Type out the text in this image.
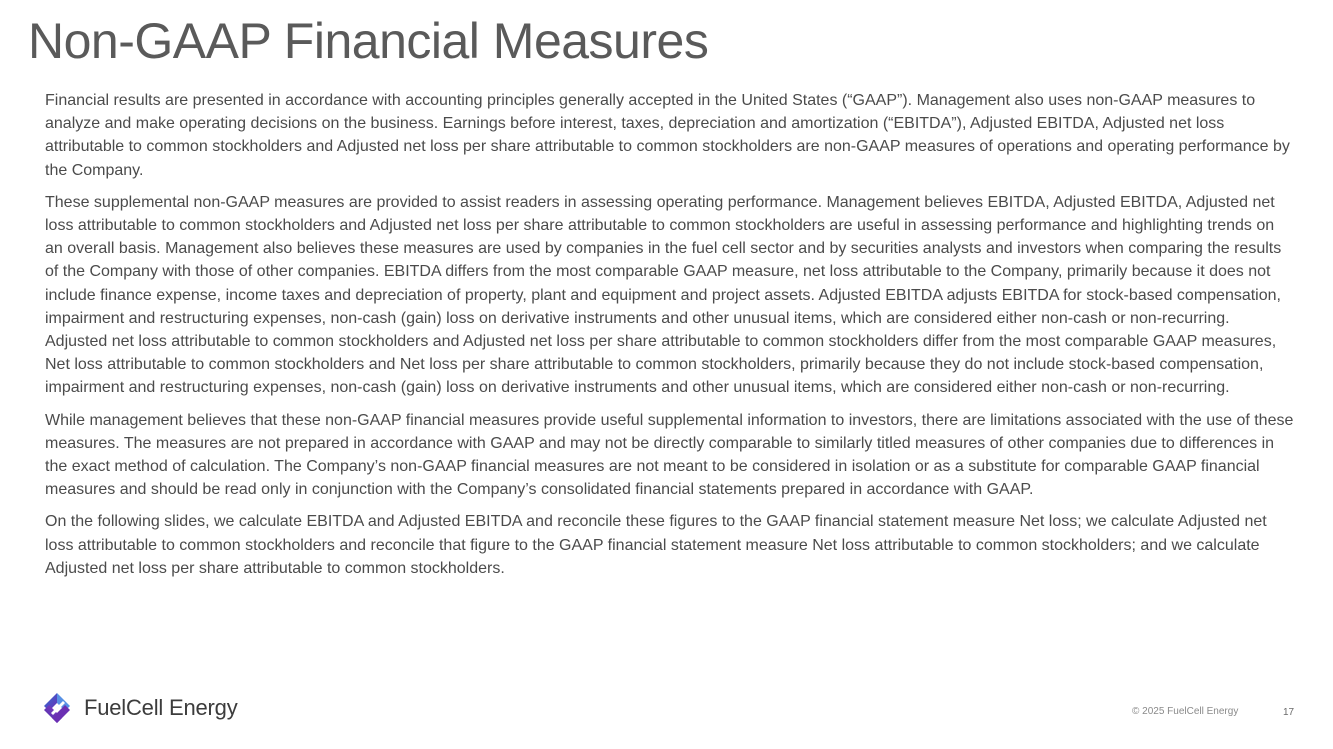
Non-GAAP Financial Measures

Financial results are presented in accordance with accounting principles generally accepted in the United States (“GAAP”). Management also uses non-GAAP measures to analyze and make operating decisions on the business. Earnings before interest, taxes, depreciation and amortization (“EBITDA”), Adjusted EBITDA, Adjusted net loss attributable to common stockholders and Adjusted net loss per share attributable to common stockholders are non-GAAP measures of operations and operating performance by the Company.

These supplemental non-GAAP measures are provided to assist readers in assessing operating performance. Management believes EBITDA, Adjusted EBITDA, Adjusted net loss attributable to common stockholders and Adjusted net loss per share attributable to common stockholders are useful in assessing performance and highlighting trends on an overall basis. Management also believes these measures are used by companies in the fuel cell sector and by securities analysts and investors when comparing the results of the Company with those of other companies. EBITDA differs from the most comparable GAAP measure, net loss attributable to the Company, primarily because it does not include finance expense, income taxes and depreciation of property, plant and equipment and project assets. Adjusted EBITDA adjusts EBITDA for stock-based compensation, impairment and restructuring expenses, non-cash (gain) loss on derivative instruments and other unusual items, which are considered either non-cash or non-recurring. Adjusted net loss attributable to common stockholders and Adjusted net loss per share attributable to common stockholders differ from the most comparable GAAP measures, Net loss attributable to common stockholders and Net loss per share attributable to common stockholders, primarily because they do not include stock-based compensation, impairment and restructuring expenses, non-cash (gain) loss on derivative instruments and other unusual items, which are considered either non-cash or non-recurring.

While management believes that these non-GAAP financial measures provide useful supplemental information to investors, there are limitations associated with the use of these measures. The measures are not prepared in accordance with GAAP and may not be directly comparable to similarly titled measures of other companies due to differences in the exact method of calculation. The Company’s non-GAAP financial measures are not meant to be considered in isolation or as a substitute for comparable GAAP financial measures and should be read only in conjunction with the Company’s consolidated financial statements prepared in accordance with GAAP.

On the following slides, we calculate EBITDA and Adjusted EBITDA and reconcile these figures to the GAAP financial statement measure Net loss; we calculate Adjusted net loss attributable to common stockholders and reconcile that figure to the GAAP financial statement measure Net loss attributable to common stockholders; and we calculate Adjusted net loss per share attributable to common stockholders.

FuelCell Energy	© 2025 FuelCell Energy	17
